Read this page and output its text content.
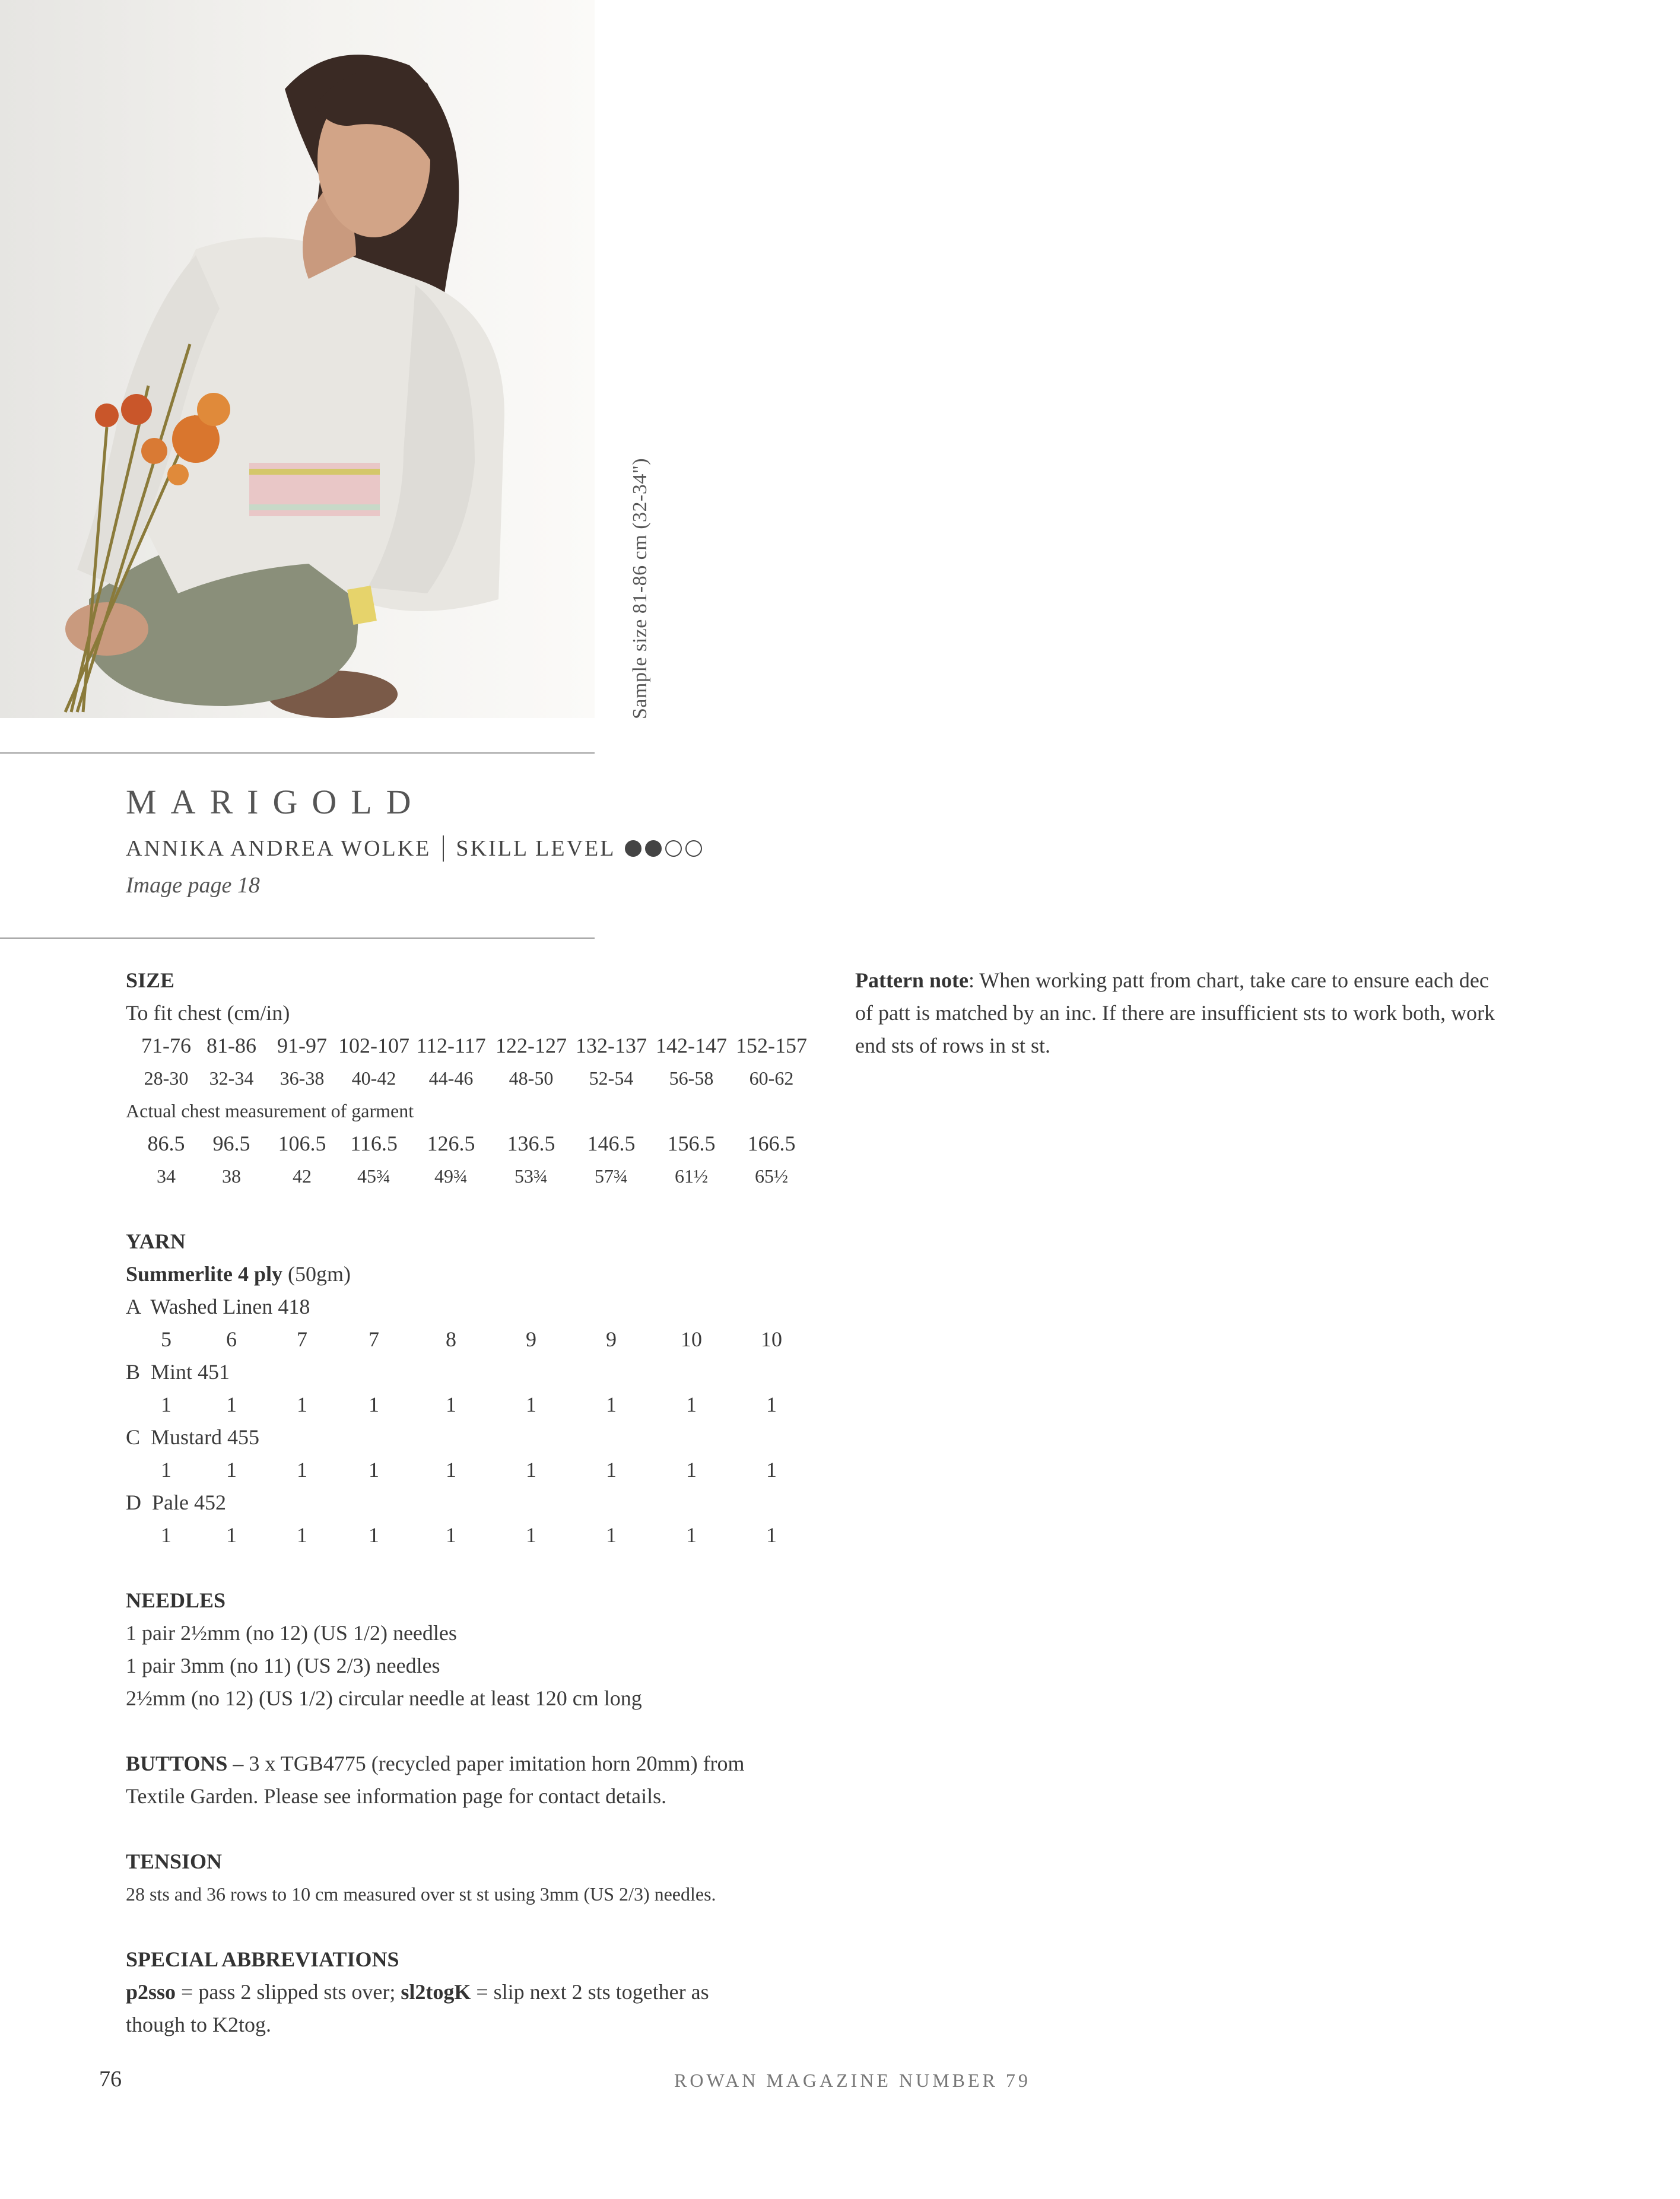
Sample size 81-86 cm (32-34")
MARIGOLD
ANNIKA ANDREA WOLKE SKILL LEVEL
Image page 18
SIZE
To fit chest (cm/in)
71-76 81-86 91-97 102-107 112-117 122-127 132-137 142-147 152-157
28-30	32-34	36-38	40-42	44-46	48-50	52-54	56-58	60-62
Actual chest measurement of garment
86.5	96.5	106.5	116.5	126.5	136.5	146.5	156.5	166.5
34	38	42	45¾	49¾	53¾	57¾	61½	65½
YARN
Summerlite 4 ply (50gm)
A  Washed Linen 418
5	6	7	7	8	9	9	10	10
B  Mint 451
1	1	1	1	1	1	1	1	1
C  Mustard 455
1	1	1	1	1	1	1	1	1
D  Pale 452
1	1	1	1	1	1	1	1	1
NEEDLES
1 pair 2½mm (no 12) (US 1/2) needles
1 pair 3mm (no 11) (US 2/3) needles
2½mm (no 12) (US 1/2) circular needle at least 120 cm long
BUTTONS – 3 x TGB4775 (recycled paper imitation horn 20mm) from
Textile Garden. Please see information page for contact details.
TENSION
28 sts and 36 rows to 10 cm measured over st st using 3mm (US 2/3) needles.
SPECIAL ABBREVIATIONS
p2sso = pass 2 slipped sts over; sl2togK = slip next 2 sts together as
though to K2tog.
Pattern note: When working patt from chart, take care to ensure each dec
of patt is matched by an inc. If there are insufficient sts to work both, work
end sts of rows in st st.
76	ROWAN MAGAZINE NUMBER 79
